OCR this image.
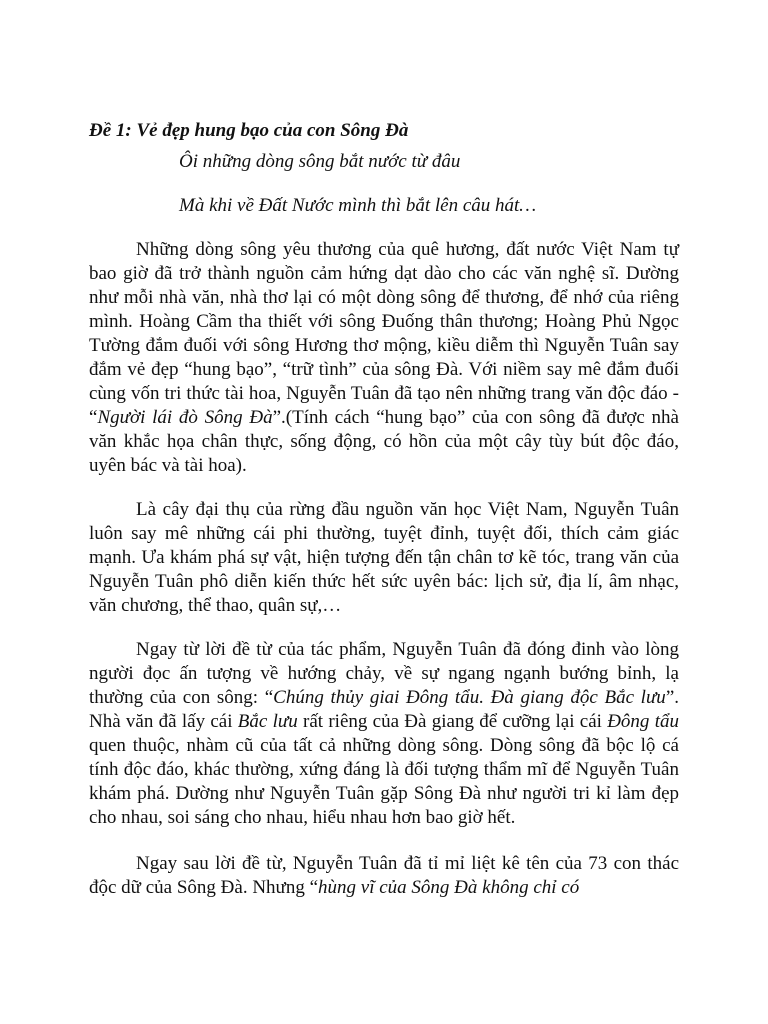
Đề 1: Vẻ đẹp hung bạo của con Sông Đà
Ôi những dòng sông bắt nước từ đâu
Mà khi về Đất Nước mình thì bắt lên câu hát…

Những dòng sông yêu thương của quê hương, đất nước Việt Nam tự bao giờ đã trở thành nguồn cảm hứng dạt dào cho các văn nghệ sĩ. Dường như mỗi nhà văn, nhà thơ lại có một dòng sông để thương, để nhớ của riêng mình. Hoàng Cầm tha thiết với sông Đuống thân thương; Hoàng Phủ Ngọc Tường đắm đuối với sông Hương thơ mộng, kiều diễm thì Nguyễn Tuân say đắm vẻ đẹp “hung bạo”, “trữ tình” của sông Đà. Với niềm say mê đắm đuối cùng vốn tri thức tài hoa, Nguyễn Tuân đã tạo nên những trang văn độc đáo - “Người lái đò Sông Đà”.(Tính cách “hung bạo” của con sông đã được nhà văn khắc họa chân thực, sống động, có hồn của một cây tùy bút độc đáo, uyên bác và tài hoa).

Là cây đại thụ của rừng đầu nguồn văn học Việt Nam, Nguyễn Tuân luôn say mê những cái phi thường, tuyệt đỉnh, tuyệt đối, thích cảm giác mạnh. Ưa khám phá sự vật, hiện tượng đến tận chân tơ kẽ tóc, trang văn của Nguyễn Tuân phô diễn kiến thức hết sức uyên bác: lịch sử, địa lí, âm nhạc, văn chương, thể thao, quân sự,…

Ngay từ lời đề từ của tác phẩm, Nguyễn Tuân đã đóng đinh vào lòng người đọc ấn tượng về hướng chảy, về sự ngang ngạnh bướng bỉnh, lạ thường của con sông: “Chúng thủy giai Đông tẩu. Đà giang độc Bắc lưu”. Nhà văn đã lấy cái Bắc lưu rất riêng của Đà giang để cưỡng lại cái Đông tẩu quen thuộc, nhàm cũ của tất cả những dòng sông. Dòng sông đã bộc lộ cá tính độc đáo, khác thường, xứng đáng là đối tượng thẩm mĩ để Nguyễn Tuân khám phá. Dường như Nguyễn Tuân gặp Sông Đà như người tri kỉ làm đẹp cho nhau, soi sáng cho nhau, hiểu nhau hơn bao giờ hết.

Ngay sau lời đề từ, Nguyễn Tuân đã tỉ mỉ liệt kê tên của 73 con thác độc dữ của Sông Đà. Nhưng “hùng vĩ của Sông Đà không chỉ có
